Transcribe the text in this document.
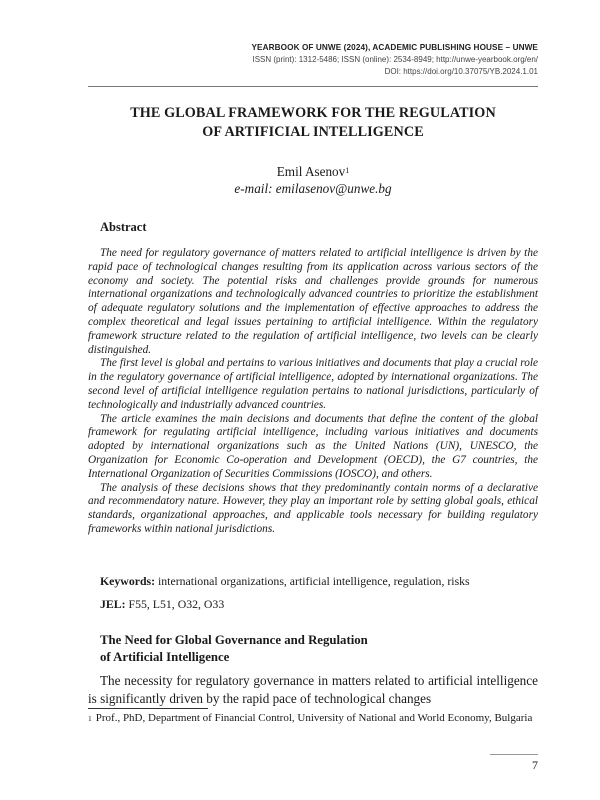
YEARBOOK OF UNWE (2024), ACADEMIC PUBLISHING HOUSE – UNWE
ISSN (print): 1312-5486; ISSN (online): 2534-8949; http://unwe-yearbook.org/en/
DOI: https://doi.org/10.37075/YB.2024.1.01
THE GLOBAL FRAMEWORK FOR THE REGULATION
OF ARTIFICIAL INTELLIGENCE
Emil Asenov$^1$
e-mail: emilasenov@unwe.bg
Abstract

The need for regulatory governance of matters related to artificial intelligence is driven by the rapid pace of technological changes resulting from its application across various sectors of the economy and society. The potential risks and challenges provide grounds for numerous international organizations and technologically advanced countries to prioritize the establishment of adequate regulatory solutions and the implementation of effective approaches to address the complex theoretical and legal issues pertaining to artificial intelligence. Within the regulatory framework structure related to the regulation of artificial intelligence, two levels can be clearly distinguished.

The first level is global and pertains to various initiatives and documents that play a crucial role in the regulatory governance of artificial intelligence, adopted by international organizations. The second level of artificial intelligence regulation pertains to national jurisdictions, particularly of technologically and industrially advanced countries.

The article examines the main decisions and documents that define the content of the global framework for regulating artificial intelligence, including various initiatives and documents adopted by international organizations such as the United Nations (UN), UNESCO, the Organization for Economic Co-operation and Development (OECD), the G7 countries, the International Organization of Securities Commissions (IOSCO), and others.

The analysis of these decisions shows that they predominantly contain norms of a declarative and recommendatory nature. However, they play an important role by setting global goals, ethical standards, organizational approaches, and applicable tools necessary for building regulatory frameworks within national jurisdictions.

Keywords: international organizations, artificial intelligence, regulation, risks
JEL: F55, L51, O32, O33
The Need for Global Governance and Regulation
of Artificial Intelligence

The necessity for regulatory governance in matters related to artificial intelligence is significantly driven by the rapid pace of technological changes

$^1$ Prof., PhD, Department of Financial Control, University of National and World Economy, Bulgaria
7
